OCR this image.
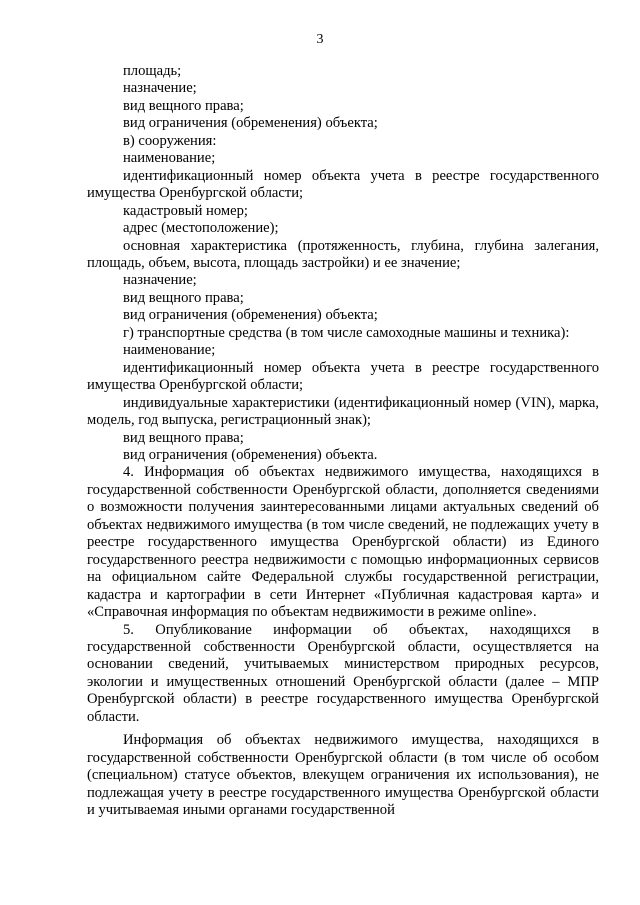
3

площадь;

назначение;

вид вещного права;

вид ограничения (обременения) объекта;

в) сооружения:

наименование;

идентификационный номер объекта учета в реестре государственного имущества Оренбургской области;

кадастровый номер;

адрес (местоположение);

основная характеристика (протяженность, глубина, глубина залегания, площадь, объем, высота, площадь застройки) и ее значение;

назначение;

вид вещного права;

вид ограничения (обременения) объекта;

г) транспортные средства (в том числе самоходные машины и техника):

наименование;

идентификационный номер объекта учета в реестре государственного имущества Оренбургской области;

индивидуальные характеристики (идентификационный номер (VIN), марка, модель, год выпуска, регистрационный знак);

вид вещного права;

вид ограничения (обременения) объекта.

4. Информация об объектах недвижимого имущества, находящихся в государственной собственности Оренбургской области, дополняется сведениями о возможности получения заинтересованными лицами актуальных сведений об объектах недвижимого имущества (в том числе сведений, не подлежащих учету в реестре государственного имущества Оренбургской области) из Единого государственного реестра недвижимости с помощью информационных сервисов на официальном сайте Федеральной службы государственной регистрации, кадастра и картографии в сети Интернет «Публичная кадастровая карта» и «Справочная информация по объектам недвижимости в режиме online».

5. Опубликование информации об объектах, находящихся в государственной собственности Оренбургской области, осуществляется на основании сведений, учитываемых министерством природных ресурсов, экологии и имущественных отношений Оренбургской области (далее – МПР Оренбургской области) в реестре государственного имущества Оренбургской области.

Информация об объектах недвижимого имущества, находящихся в государственной собственности Оренбургской области (в том числе об особом (специальном) статусе объектов, влекущем ограничения их использования), не подлежащая учету в реестре государственного имущества Оренбургской области и учитываемая иными органами государственной
